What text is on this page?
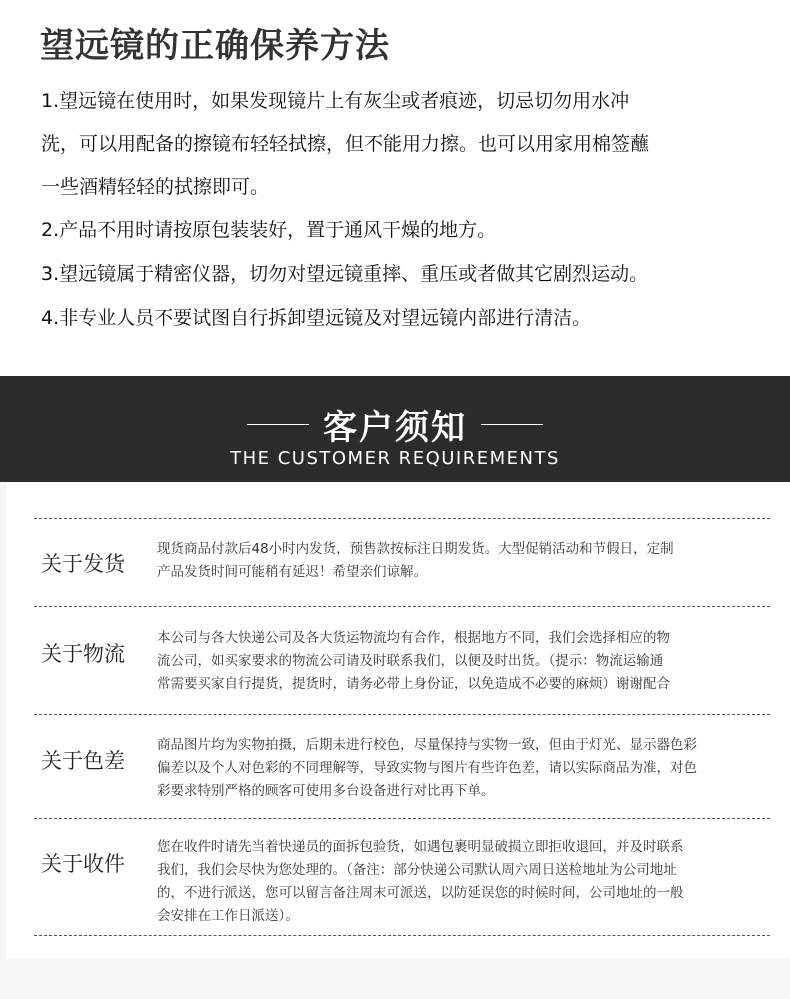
望远镜的正确保养方法
1.望远镜在使用时，如果发现镜片上有灰尘或者痕迹，切忌切勿用水冲
洗，可以用配备的擦镜布轻轻拭擦，但不能用力擦。也可以用家用棉签蘸
一些酒精轻轻的拭擦即可。
2.产品不用时请按原包装装好，置于通风干燥的地方。
3.望远镜属于精密仪器，切勿对望远镜重摔、重压或者做其它剧烈运动。
4.非专业人员不要试图自行拆卸望远镜及对望远镜内部进行清洁。
客户须知
THE CUSTOMER REQUIREMENTS
关于发货
现货商品付款后48小时内发货，预售款按标注日期发货。大型促销活动和节假日，定制
产品发货时间可能稍有延迟！希望亲们谅解。
关于物流
本公司与各大快递公司及各大货运物流均有合作，根据地方不同，我们会选择相应的物
流公司，如买家要求的物流公司请及时联系我们，以便及时出货。（提示：物流运输通
常需要买家自行提货，提货时，请务必带上身份证，以免造成不必要的麻烦）谢谢配合
关于色差
商品图片均为实物拍摄，后期未进行校色，尽量保持与实物一致，但由于灯光、显示器色彩
偏差以及个人对色彩的不同理解等，导致实物与图片有些许色差，请以实际商品为准，对色
彩要求特别严格的顾客可使用多台设备进行对比再下单。
关于收件
您在收件时请先当着快递员的面拆包验货，如遇包裹明显破损立即拒收退回，并及时联系
我们，我们会尽快为您处理的。（备注：部分快递公司默认周六周日送检地址为公司地址
的，不进行派送，您可以留言备注周末可派送，以防延误您的时候时间，公司地址的一般
会安排在工作日派送）。
